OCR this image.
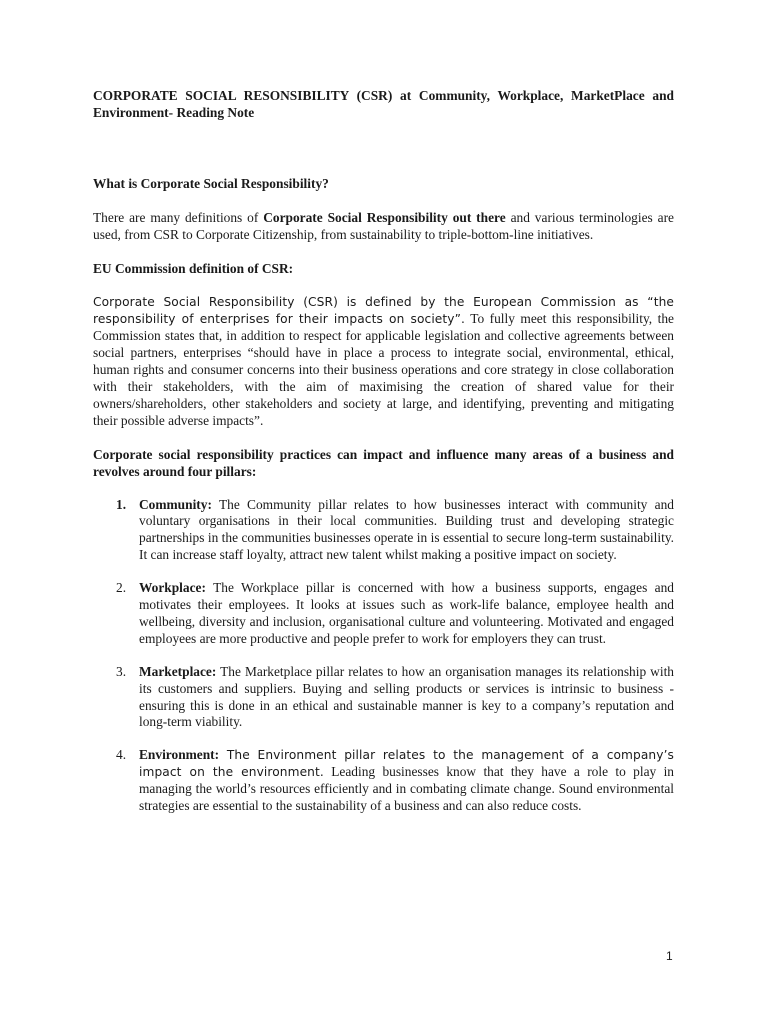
CORPORATE SOCIAL RESONSIBILITY (CSR) at Community, Workplace, MarketPlace and Environment- Reading Note

What is Corporate Social Responsibility?

There are many definitions of Corporate Social Responsibility out there and various terminologies are used, from CSR to Corporate Citizenship, from sustainability to triple-bottom-line initiatives.

EU Commission definition of CSR:

Corporate Social Responsibility (CSR) is defined by the European Commission as “the responsibility of enterprises for their impacts on society”. To fully meet this responsibility, the Commission states that, in addition to respect for applicable legislation and collective agreements between social partners, enterprises “should have in place a process to integrate social, environmental, ethical, human rights and consumer concerns into their business operations and core strategy in close collaboration with their stakeholders, with the aim of maximising the creation of shared value for their owners/shareholders, other stakeholders and society at large, and identifying, preventing and mitigating their possible adverse impacts”.

Corporate social responsibility practices can impact and influence many areas of a business and revolves around four pillars:

1. Community: The Community pillar relates to how businesses interact with community and voluntary organisations in their local communities. Building trust and developing strategic partnerships in the communities businesses operate in is essential to secure long-term sustainability. It can increase staff loyalty, attract new talent whilst making a positive impact on society.
2. Workplace: The Workplace pillar is concerned with how a business supports, engages and motivates their employees. It looks at issues such as work-life balance, employee health and wellbeing, diversity and inclusion, organisational culture and volunteering. Motivated and engaged employees are more productive and people prefer to work for employers they can trust.
3. Marketplace: The Marketplace pillar relates to how an organisation manages its relationship with its customers and suppliers. Buying and selling products or services is intrinsic to business - ensuring this is done in an ethical and sustainable manner is key to a company’s reputation and long-term viability.
4. Environment: The Environment pillar relates to the management of a company’s impact on the environment. Leading businesses know that they have a role to play in managing the world’s resources efficiently and in combating climate change. Sound environmental strategies are essential to the sustainability of a business and can also reduce costs.
1
